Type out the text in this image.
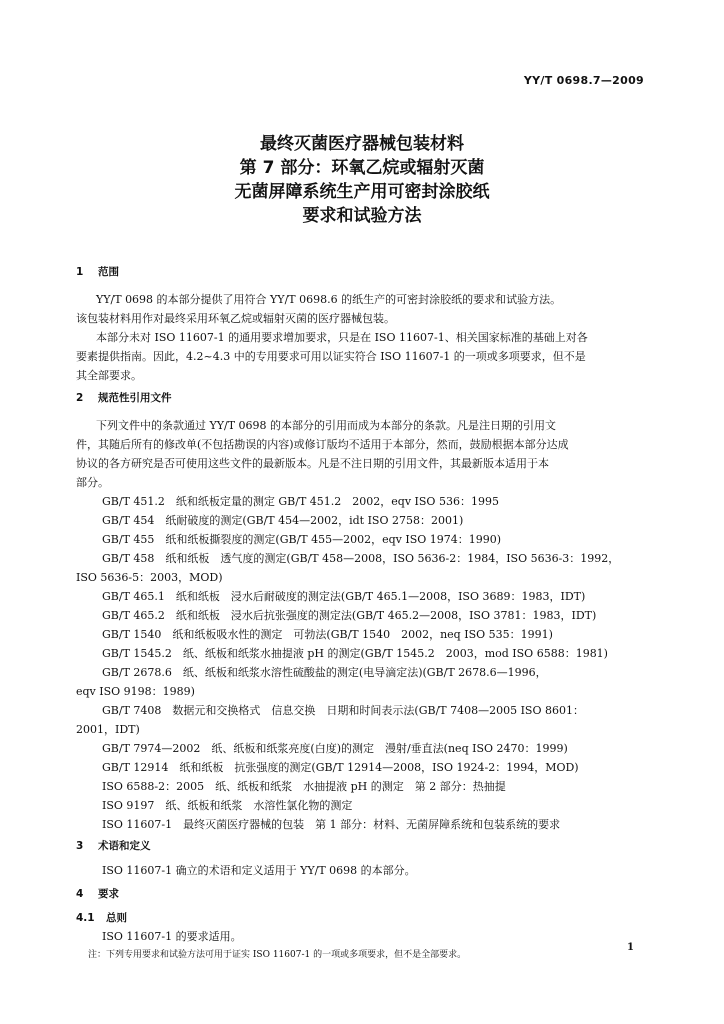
YY/T 0698.7—2009
最终灭菌医疗器械包装材料
第 7 部分：环氧乙烷或辐射灭菌
无菌屏障系统生产用可密封涂胶纸
要求和试验方法
1 范围
YY/T 0698 的本部分提供了用符合 YY/T 0698.6 的纸生产的可密封涂胶纸的要求和试验方法。
该包装材料用作对最终采用环氧乙烷或辐射灭菌的医疗器械包装。
本部分未对 ISO 11607-1 的通用要求增加要求，只是在 ISO 11607-1、相关国家标准的基础上对各
要素提供指南。因此，4.2~4.3 中的专用要求可用以证实符合 ISO 11607-1 的一项或多项要求，但不是
其全部要求。
2 规范性引用文件
下列文件中的条款通过 YY/T 0698 的本部分的引用而成为本部分的条款。凡是注日期的引用文
件，其随后所有的修改单(不包括勘误的内容)或修订版均不适用于本部分，然而，鼓励根据本部分达成
协议的各方研究是否可使用这些文件的最新版本。凡是不注日期的引用文件，其最新版本适用于本
部分。
GB/T 451.2　纸和纸板定量的测定 GB/T 451.2　2002，eqv ISO 536：1995
GB/T 454　纸耐破度的测定(GB/T 454—2002，idt ISO 2758：2001)
GB/T 455　纸和纸板撕裂度的测定(GB/T 455—2002，eqv ISO 1974：1990)
GB/T 458　纸和纸板　透气度的测定(GB/T 458—2008，ISO 5636-2：1984，ISO 5636-3：1992，
ISO 5636-5：2003，MOD)
GB/T 465.1　纸和纸板　浸水后耐破度的测定法(GB/T 465.1—2008，ISO 3689：1983，IDT)
GB/T 465.2　纸和纸板　浸水后抗张强度的测定法(GB/T 465.2—2008，ISO 3781：1983，IDT)
GB/T 1540　纸和纸板吸水性的测定　可勃法(GB/T 1540　2002，neq ISO 535：1991)
GB/T 1545.2　纸、纸板和纸浆水抽提液 pH 的测定(GB/T 1545.2　2003，mod ISO 6588：1981)
GB/T 2678.6　纸、纸板和纸浆水溶性硫酸盐的测定(电导滴定法)(GB/T 2678.6—1996，
eqv ISO 9198：1989)
GB/T 7408　数据元和交换格式　信息交换　日期和时间表示法(GB/T 7408—2005 ISO 8601：
2001，IDT)
GB/T 7974—2002　纸、纸板和纸浆亮度(白度)的测定　漫射/垂直法(neq ISO 2470：1999)
GB/T 12914　纸和纸板　抗张强度的测定(GB/T 12914—2008，ISO 1924-2：1994，MOD)
ISO 6588-2：2005　纸、纸板和纸浆　水抽提液 pH 的测定　第 2 部分：热抽提
ISO 9197　纸、纸板和纸浆　水溶性氯化物的测定
ISO 11607-1　最终灭菌医疗器械的包装　第 1 部分：材料、无菌屏障系统和包装系统的要求
3 术语和定义
ISO 11607-1 确立的术语和定义适用于 YY/T 0698 的本部分。
4 要求
4.1 总则
ISO 11607-1 的要求适用。
注：下列专用要求和试验方法可用于证实 ISO 11607-1 的一项或多项要求，但不是全部要求。
1
